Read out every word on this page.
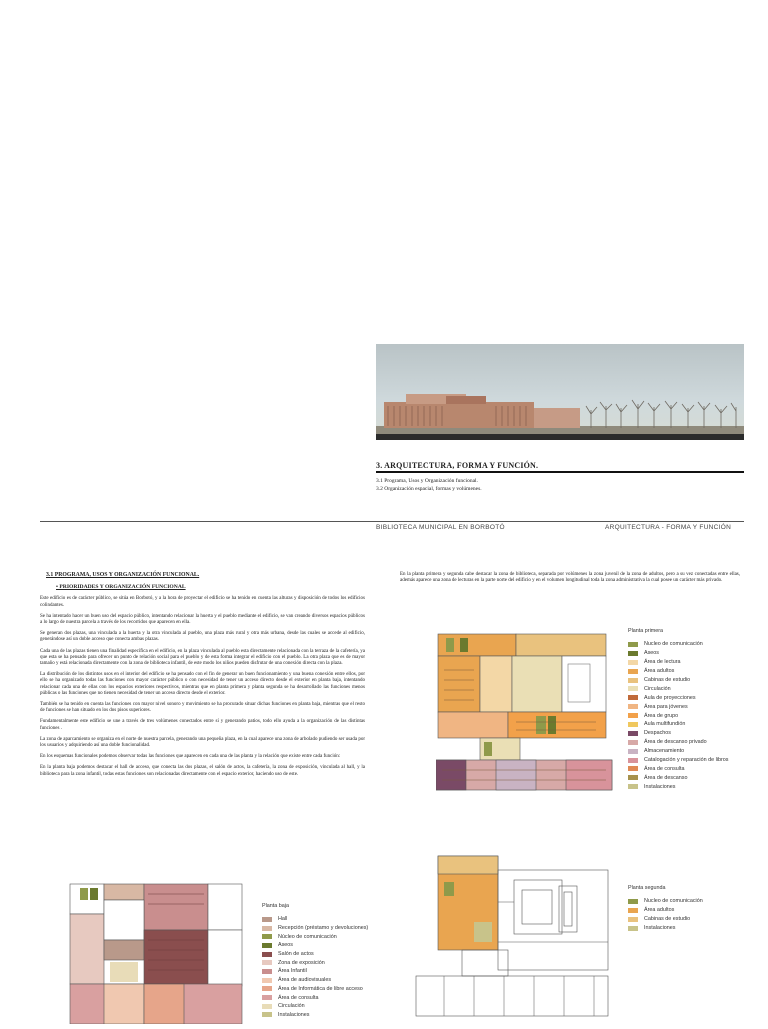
3. ARQUITECTURA, FORMA Y FUNCIÓN.
3.1 Programa, Usos y Organización funcional.
3.2 Organización espacial, formas y volúmenes.
BIBLIOTECA MUNICIPAL EN BORBOTÓ	ARQUITECTURA - FORMA Y FUNCIÓN
3.1 PROGRAMA, USOS Y ORGANIZACIÓN FUNCIONAL.
• PRIORIDADES Y ORGANIZACIÓN FUNCIONAL

Este edificio es de carácter público, se sitúa en Borbotó, y a la hora de proyectar el edificio se ha tenido en cuenta las alturas y disposición de todos los edificios colindantes.

Se ha intentado hacer un buen uso del espacio público, intentando relacionar la huerta y el pueblo mediante el edificio, se van creando diversos espacios públicos a lo largo de nuestra parcela a través de los recorridos que aparecen en ella.

Se generan dos plazas, una vinculada a la huerta y la otra vinculada al pueblo, una plaza más rural y otra más urbana, desde las cuales se accede al edificio, generándose así un doble acceso que conecta ambas plazas.

Cada una de las plazas tienen una finalidad específica en el edificio, en la plaza vinculada al pueblo esta directamente relacionada con la terraza de la cafetería, ya que esta se ha pensado para ofrecer un punto de relación social para el pueblo y de esta forma integrar el edificio con el pueblo. La otra plaza que es de mayor tamaño y está relacionada directamente con la zona de biblioteca infantil, de este modo los niños pueden disfrutar de una conexión directa con la plaza.

La distribución de los distintos usos en el interior del edificio se ha pensado con el fin de generar un buen funcionamiento y una buena conexión entre ellos, por ello se ha organizado todas las funciones con mayor carácter público o con necesidad de tener un acceso directo desde el exterior en planta baja, intentando relacionar cada una de ellas con los espacios exteriores respectivos, mientras que en planta primera y planta segunda se ha desarrollado las funciones menos públicas o las funciones que no tienen necesidad de tener un acceso directo desde el exterior.

También se ha tenido en cuenta las funciones con mayor nivel sonoro y movimiento se ha procurado situar dichas funciones en planta baja, mientras que el resto de funciones se han situado en los dos pisos superiores.

Fundamentalmente este edificio se une a través de tres volúmenes conectados entre sí y generando patios, todo ello ayuda a la organización de las distintas funciones .

La zona de aparcamiento se organiza en el norte de nuestra parcela, generando una pequeña plaza, en la cual aparece una zona de arbolado pudiendo ser usada por los usuarios y adquiriendo así una doble funcionalidad.

En los esquemas funcionales podemos observar todas las funciones que aparecen en cada una de las planta y la relación que existe entre cada función:

En la planta baja podemos destacar el hall de acceso, que conecta las dos plazas, el salón de actos, la cafetería, la zona de exposición, vinculada al hall, y la biblioteca para la zona infantil, todas estas funciones son relacionadas directamente con el espacio exterior, haciendo uso de este.

En la planta primera y segunda cabe destacar la zona de biblioteca, separada por volúmenes la zona juvenil de la zona de adultos, pero a su vez conectadas entre ellas, además aparece una zona de lecturas en la parte norte del edificio y en el volumen longitudinal toda la zona administrativa la cual posee un carácter más privado.
Planta primera
Nucleo de comunicación
Aseos
Área de lectura
Área adultos
Cabinas de estudio
Circulación
Aula de proyecciones
Área para jóvenes
Área de grupo
Aula multifundión
Despachos
Área de descanso privado
Almacenamiento
Catalogación y reparación de libros
Área de consulta
Área de descanso
Instalaciones
Planta segunda
Nucleo de comunicación
Área adultos
Cabinas de estudio
Instalaciones
Planta baja
Hall
Recepción (préstamo y devoluciones)
Núcleo de comunicación
Aseos
Salón de actos
Zona de exposición
Área Infantil
Área de audiovisuales
Área de Informática de libre acceso
Área de consulta
Circulación
Instalaciones
